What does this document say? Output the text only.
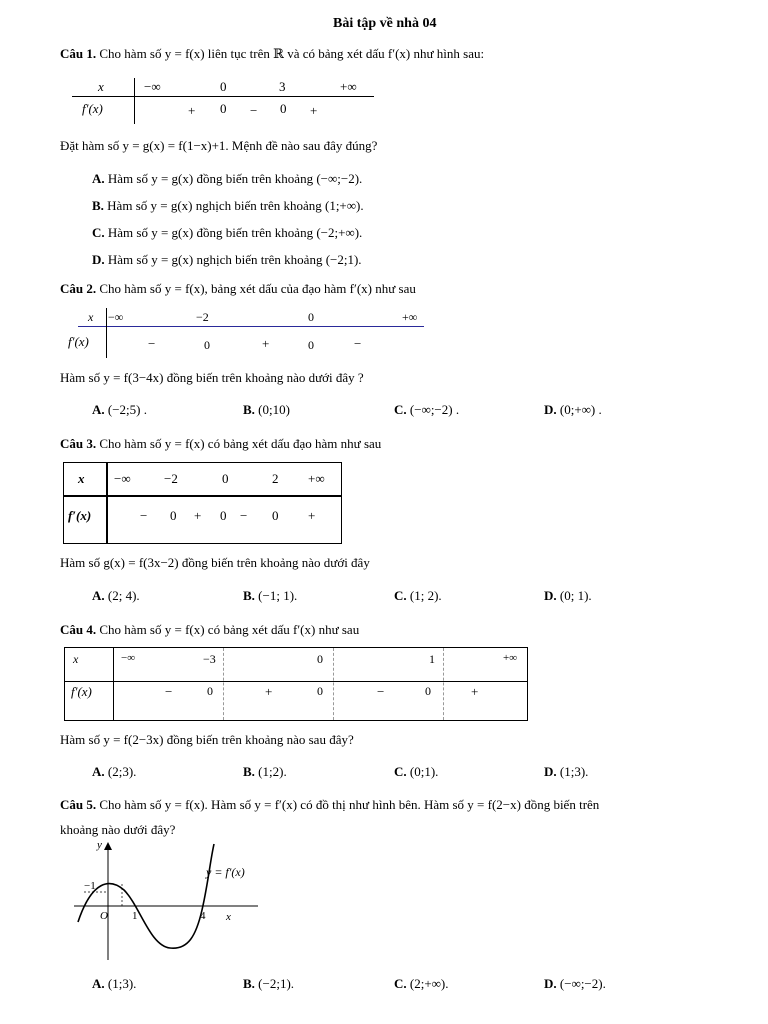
Bài tập về nhà 04
Câu 1. Cho hàm số y = f(x) liên tục trên ℝ và có bảng xét dấu f′(x) như hình sau:
x
f′(x)
−∞	0	3	+∞
+ 0 − 0 +
Đặt hàm số y = g(x) = f(1−x)+1. Mệnh đề nào sau đây đúng?
A. Hàm số y = g(x) đồng biến trên khoảng (−∞;−2).
B. Hàm số y = g(x) nghịch biến trên khoảng (1;+∞).
C. Hàm số y = g(x) đồng biến trên khoảng (−2;+∞).
D. Hàm số y = g(x) nghịch biến trên khoảng (−2;1).
Câu 2. Cho hàm số y = f(x), bảng xét dấu của đạo hàm f′(x) như sau
x
f′(x)
−∞	−2	0	+∞
−	0	+	0	−
Hàm số y = f(3−4x) đồng biến trên khoảng nào dưới đây ?
A. (−2;5) .	B. (0;10)	C. (−∞;−2) .	D. (0;+∞) .
Câu 3. Cho hàm số y = f(x) có bảng xét dấu đạo hàm như sau
x
f′(x)
−∞	−2	0	2 +∞
− 0 + 0 − 0 +
Hàm số g(x) = f(3x−2) đồng biến trên khoảng nào dưới đây
A. (2; 4).	B. (−1; 1).	C. (1; 2).	D. (0; 1).
Câu 4. Cho hàm số y = f(x) có bảng xét dấu f′(x) như sau
x
f′(x)
−∞	−3	0	1	+∞
−	0	+	0	−	0	+
Hàm số y = f(2−3x) đồng biến trên khoảng nào sau đây?
A. (2;3).	B. (1;2).	C. (0;1).	D. (1;3).
Câu 5. Cho hàm số y = f(x). Hàm số y = f′(x) có đồ thị như hình bên. Hàm số y = f(2−x) đồng biến trên
khoảng nào dưới đây?
y
−1
O 1	4 x
y = f′(x)
A. (1;3).	B. (−2;1).	C. (2;+∞).	D. (−∞;−2).
